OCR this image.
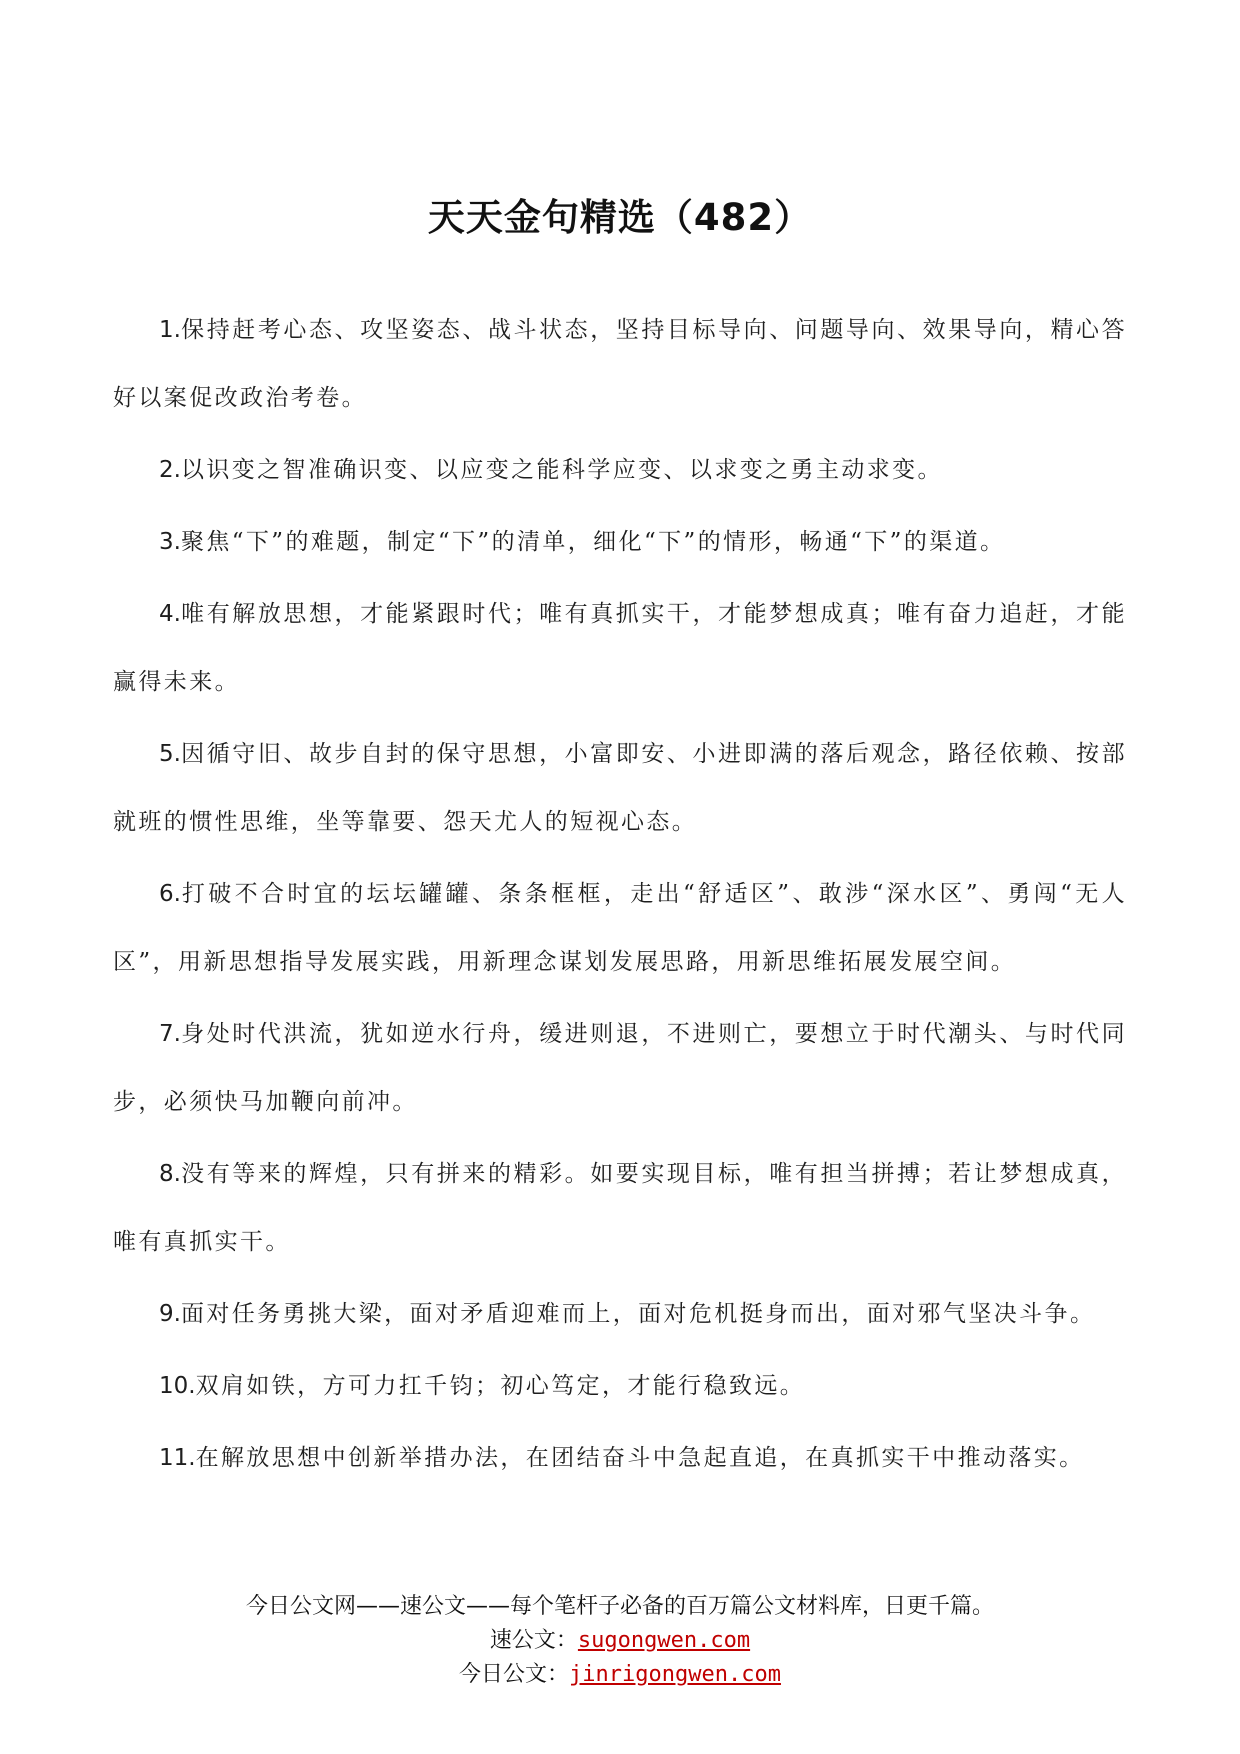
天天金句精选（482）

1.保持赶考心态、攻坚姿态、战斗状态，坚持目标导向、问题导向、效果导向，精心答好以案促改政治考卷。

2.以识变之智准确识变、以应变之能科学应变、以求变之勇主动求变。

3.聚焦“下”的难题，制定“下”的清单，细化“下”的情形，畅通“下”的渠道。

4.唯有解放思想，才能紧跟时代；唯有真抓实干，才能梦想成真；唯有奋力追赶，才能赢得未来。

5.因循守旧、故步自封的保守思想，小富即安、小进即满的落后观念，路径依赖、按部就班的惯性思维，坐等靠要、怨天尤人的短视心态。

6.打破不合时宜的坛坛罐罐、条条框框，走出“舒适区”、敢涉“深水区”、勇闯“无人区”，用新思想指导发展实践，用新理念谋划发展思路，用新思维拓展发展空间。

7.身处时代洪流，犹如逆水行舟，缓进则退，不进则亡，要想立于时代潮头、与时代同步，必须快马加鞭向前冲。

8.没有等来的辉煌，只有拼来的精彩。如要实现目标，唯有担当拼搏；若让梦想成真，唯有真抓实干。

9.面对任务勇挑大梁，面对矛盾迎难而上，面对危机挺身而出，面对邪气坚决斗争。

10.双肩如铁，方可力扛千钧；初心笃定，才能行稳致远。

11.在解放思想中创新举措办法，在团结奋斗中急起直追，在真抓实干中推动落实。

今日公文网——速公文——每个笔杆子必备的百万篇公文材料库，日更千篇。
速公文：sugongwen.com
今日公文：jinrigongwen.com
